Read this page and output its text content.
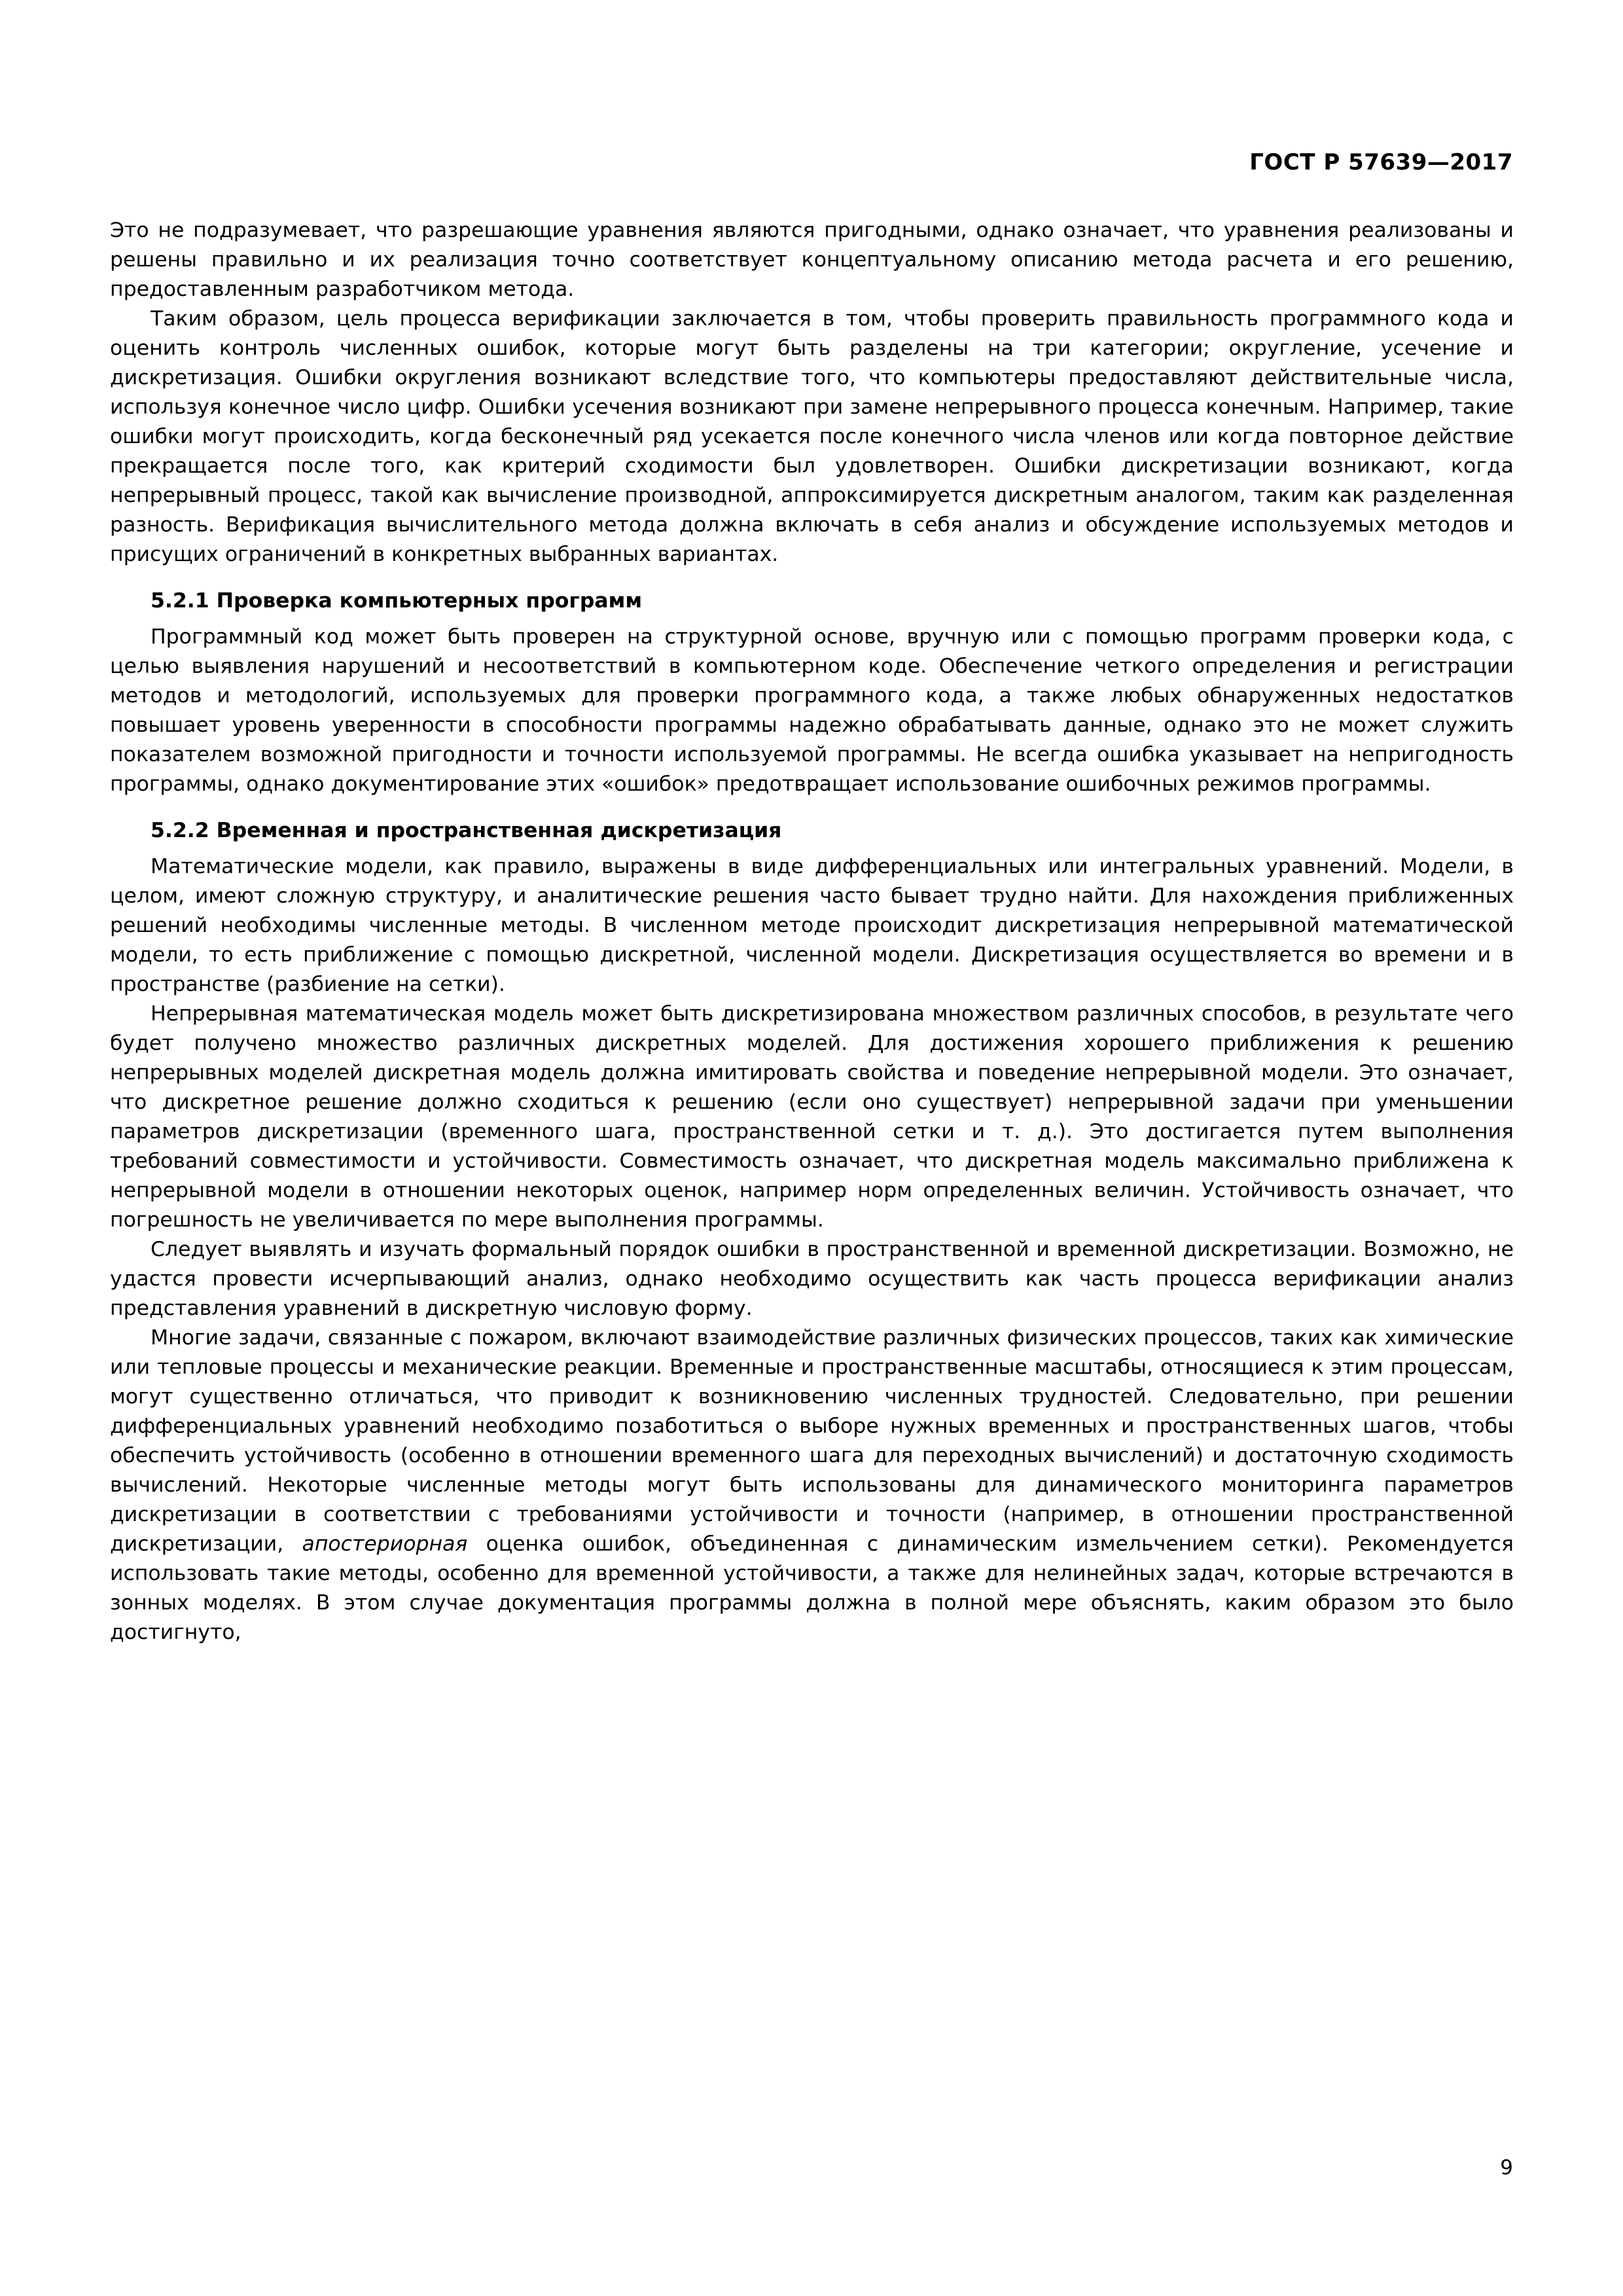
ГОСТ Р 57639—2017

Это не подразумевает, что разрешающие уравнения являются пригодными, однако означает, что уравнения реализованы и решены правильно и их реализация точно соответствует концептуальному описанию метода расчета и его решению, предоставленным разработчиком метода.

Таким образом, цель процесса верификации заключается в том, чтобы проверить правильность программного кода и оценить контроль численных ошибок, которые могут быть разделены на три категории; округление, усечение и дискретизация. Ошибки округления возникают вследствие того, что компьютеры предоставляют действительные числа, используя конечное число цифр. Ошибки усечения возникают при замене непрерывного процесса конечным. Например, такие ошибки могут происходить, когда бесконечный ряд усекается после конечного числа членов или когда повторное действие прекращается после того, как критерий сходимости был удовлетворен. Ошибки дискретизации возникают, когда непрерывный процесс, такой как вычисление производной, аппроксимируется дискретным аналогом, таким как разделенная разность. Верификация вычислительного метода должна включать в себя анализ и обсуждение используемых методов и присущих ограничений в конкретных выбранных вариантах.

5.2.1 Проверка компьютерных программ

Программный код может быть проверен на структурной основе, вручную или с помощью программ проверки кода, с целью выявления нарушений и несоответствий в компьютерном коде. Обеспечение четкого определения и регистрации методов и методологий, используемых для проверки программного кода, а также любых обнаруженных недостатков повышает уровень уверенности в способности программы надежно обрабатывать данные, однако это не может служить показателем возможной пригодности и точности используемой программы. Не всегда ошибка указывает на непригодность программы, однако документирование этих «ошибок» предотвращает использование ошибочных режимов программы.

5.2.2 Временная и пространственная дискретизация

Математические модели, как правило, выражены в виде дифференциальных или интегральных уравнений. Модели, в целом, имеют сложную структуру, и аналитические решения часто бывает трудно найти. Для нахождения приближенных решений необходимы численные методы. В численном методе происходит дискретизация непрерывной математической модели, то есть приближение с помощью дискретной, численной модели. Дискретизация осуществляется во времени и в пространстве (разбиение на сетки).

Непрерывная математическая модель может быть дискретизирована множеством различных способов, в результате чего будет получено множество различных дискретных моделей. Для достижения хорошего приближения к решению непрерывных моделей дискретная модель должна имитировать свойства и поведение непрерывной модели. Это означает, что дискретное решение должно сходиться к решению (если оно существует) непрерывной задачи при уменьшении параметров дискретизации (временного шага, пространственной сетки и т. д.). Это достигается путем выполнения требований совместимости и устойчивости. Совместимость означает, что дискретная модель максимально приближена к непрерывной модели в отношении некоторых оценок, например норм определенных величин. Устойчивость означает, что погрешность не увеличивается по мере выполнения программы.

Следует выявлять и изучать формальный порядок ошибки в пространственной и временной дискретизации. Возможно, не удастся провести исчерпывающий анализ, однако необходимо осуществить как часть процесса верификации анализ представления уравнений в дискретную числовую форму.

Многие задачи, связанные с пожаром, включают взаимодействие различных физических процессов, таких как химические или тепловые процессы и механические реакции. Временные и пространственные масштабы, относящиеся к этим процессам, могут существенно отличаться, что приводит к возникновению численных трудностей. Следовательно, при решении дифференциальных уравнений необходимо позаботиться о выборе нужных временных и пространственных шагов, чтобы обеспечить устойчивость (особенно в отношении временного шага для переходных вычислений) и достаточную сходимость вычислений. Некоторые численные методы могут быть использованы для динамического мониторинга параметров дискретизации в соответствии с требованиями устойчивости и точности (например, в отношении пространственной дискретизации, апостериорная оценка ошибок, объединенная с динамическим измельчением сетки). Рекомендуется использовать такие методы, особенно для временной устойчивости, а также для нелинейных задач, которые встречаются в зонных моделях. В этом случае документация программы должна в полной мере объяснять, каким образом это было достигнуто,

9
